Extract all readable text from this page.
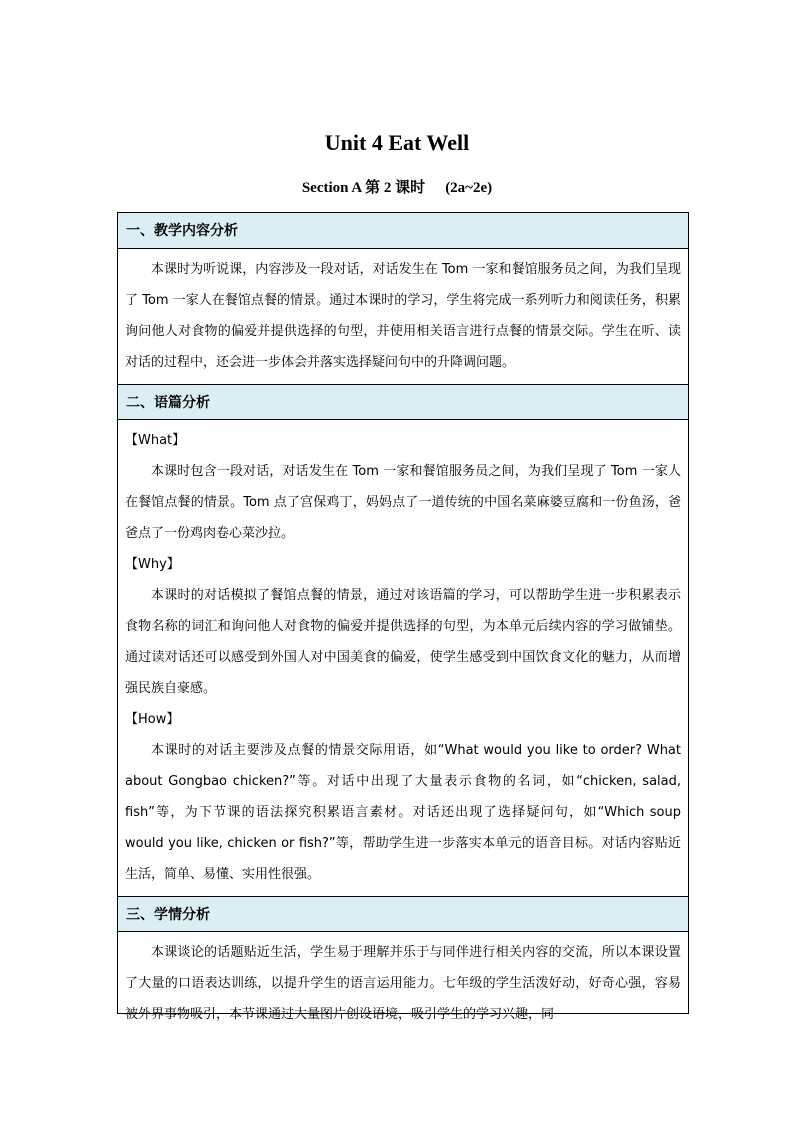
Unit 4 Eat Well
Section A 第 2 课时 (2a~2e)
一、教学内容分析

本课时为听说课，内容涉及一段对话，对话发生在 Tom 一家和餐馆服务员之间，为我们呈现了 Tom 一家人在餐馆点餐的情景。通过本课时的学习，学生将完成一系列听力和阅读任务，积累询问他人对食物的偏爱并提供选择的句型，并使用相关语言进行点餐的情景交际。学生在听、读对话的过程中，还会进一步体会并落实选择疑问句中的升降调问题。

二、语篇分析

【What】

本课时包含一段对话，对话发生在 Tom 一家和餐馆服务员之间，为我们呈现了 Tom 一家人在餐馆点餐的情景。Tom 点了宫保鸡丁，妈妈点了一道传统的中国名菜麻婆豆腐和一份鱼汤，爸爸点了一份鸡肉卷心菜沙拉。

【Why】

本课时的对话模拟了餐馆点餐的情景，通过对该语篇的学习，可以帮助学生进一步积累表示食物名称的词汇和询问他人对食物的偏爱并提供选择的句型，为本单元后续内容的学习做铺垫。通过读对话还可以感受到外国人对中国美食的偏爱，使学生感受到中国饮食文化的魅力，从而增强民族自豪感。

【How】

本课时的对话主要涉及点餐的情景交际用语，如“What would you like to order? What about Gongbao chicken?”等。对话中出现了大量表示食物的名词，如“chicken, salad, fish”等，为下节课的语法探究积累语言素材。对话还出现了选择疑问句，如“Which soup would you like, chicken or fish?”等，帮助学生进一步落实本单元的语音目标。对话内容贴近生活，简单、易懂、实用性很强。

三、学情分析

本课谈论的话题贴近生活，学生易于理解并乐于与同伴进行相关内容的交流，所以本课设置了大量的口语表达训练，以提升学生的语言运用能力。七年级的学生活泼好动，好奇心强，容易被外界事物吸引，本节课通过大量图片创设语境，吸引学生的学习兴趣，同
